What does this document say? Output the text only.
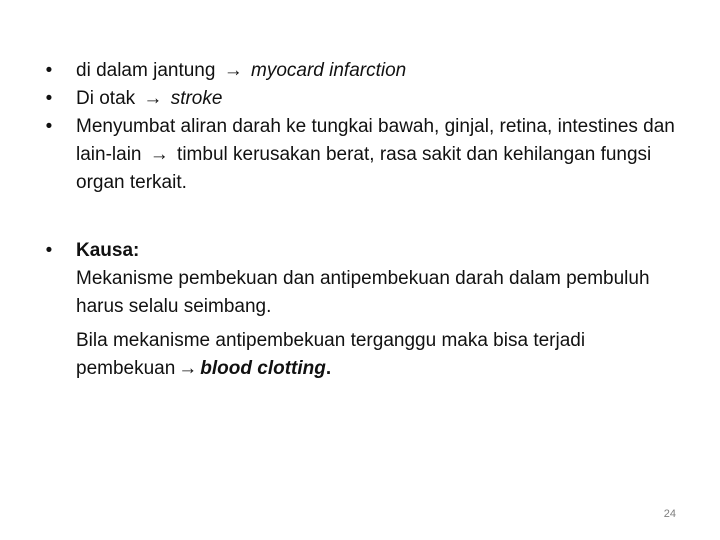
• di dalam jantung → myocard infarction
• Di otak → stroke
• Menyumbat aliran darah ke tungkai bawah, ginjal, retina, intestines dan lain-lain → timbul kerusakan berat, rasa sakit dan kehilangan fungsi organ terkait.
• Kausa:
Mekanisme pembekuan dan antipembekuan darah dalam pembuluh harus selalu seimbang.
Bila mekanisme antipembekuan terganggu maka bisa terjadi pembekuan → blood clotting.
24
